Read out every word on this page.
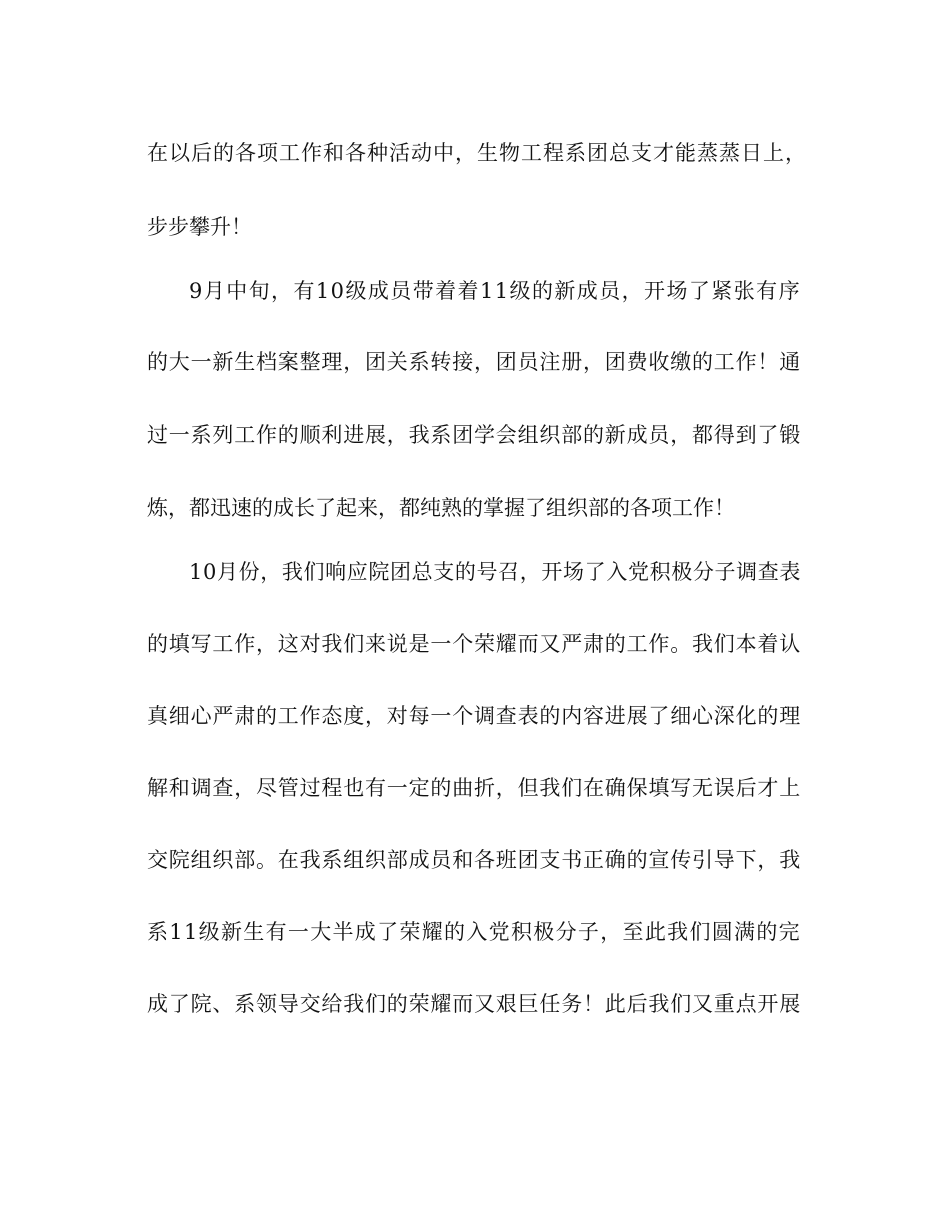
在以后的各项工作和各种活动中，生物工程系团总支才能蒸蒸日上，
步步攀升！
9月中旬，有10级成员带着着11级的新成员，开场了紧张有序
的大一新生档案整理，团关系转接，团员注册，团费收缴的工作！通
过一系列工作的顺利进展，我系团学会组织部的新成员，都得到了锻
炼，都迅速的成长了起来，都纯熟的掌握了组织部的各项工作！
10月份，我们响应院团总支的号召，开场了入党积极分子调查表
的填写工作，这对我们来说是一个荣耀而又严肃的工作。我们本着认
真细心严肃的工作态度，对每一个调查表的内容进展了细心深化的理
解和调查，尽管过程也有一定的曲折，但我们在确保填写无误后才上
交院组织部。在我系组织部成员和各班团支书正确的宣传引导下，我
系11级新生有一大半成了荣耀的入党积极分子，至此我们圆满的完
成了院、系领导交给我们的荣耀而又艰巨任务！此后我们又重点开展
